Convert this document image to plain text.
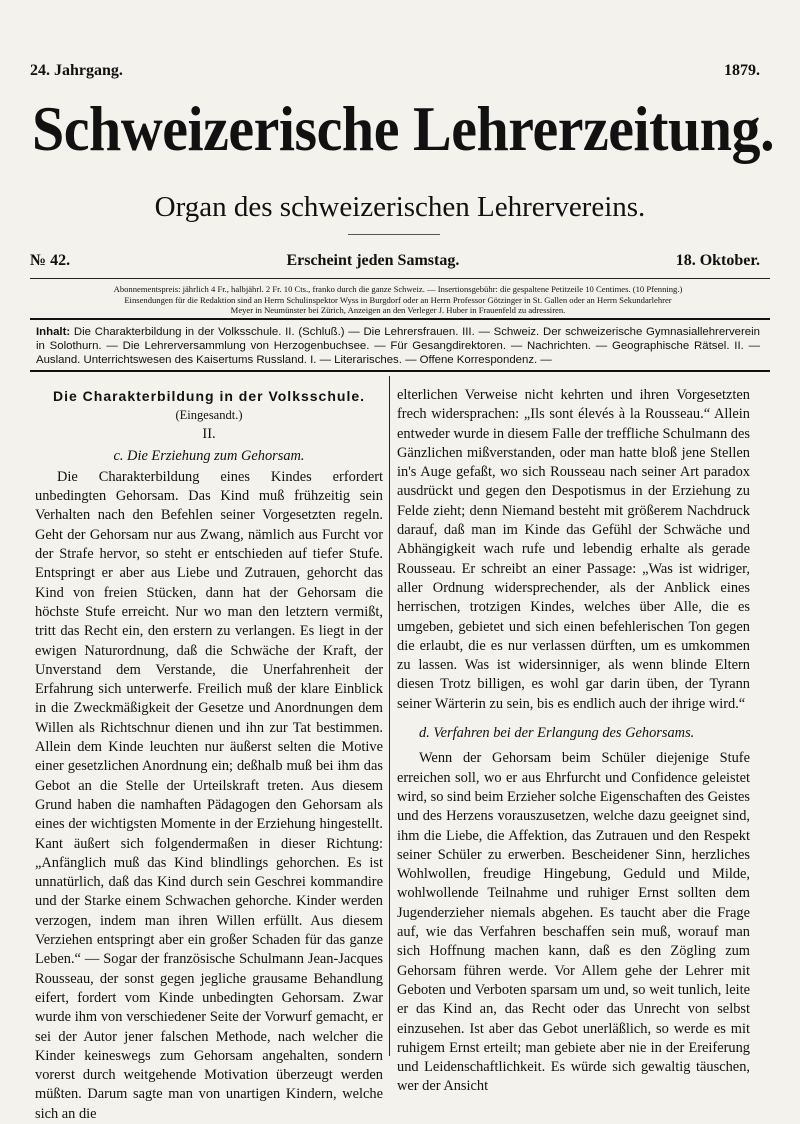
24. Jahrgang.	1879.
Schweizerische Lehrerzeitung.
Organ des schweizerischen Lehrervereins.
№ 42.	Erscheint jeden Samstag.	18. Oktober.
Abonnementspreis: jährlich 4 Fr., halbjährl. 2 Fr. 10 Cts., franko durch die ganze Schweiz. — Insertionsgebühr: die gespaltene Petitzeile 10 Centimes. (10 Pfenning.)
Einsendungen für die Redaktion sind an Herrn Schulinspektor Wyss in Burgdorf oder an Herrn Professor Götzinger in St. Gallen oder an Herrn Sekundarlehrer
Meyer in Neumünster bei Zürich, Anzeigen an den Verleger J. Huber in Frauenfeld zu adressiren.
Inhalt: Die Charakterbildung in der Volksschule. II. (Schluß.) — Die Lehrersfrauen. III. — Schweiz. Der schweizerische Gymnasiallehrerverein in Solothurn. — Die Lehrerversammlung von Herzogenbuchsee. — Für Gesangdirektoren. — Nachrichten. — Geographische Rätsel. II. — Ausland. Unterrichtswesen des Kaisertums Russland. I. — Literarisches. — Offene Korrespondenz. —
Die Charakterbildung in der Volksschule.
(Eingesandt.)
II.
c. Die Erziehung zum Gehorsam.

Die Charakterbildung eines Kindes erfordert unbedingten Gehorsam. Das Kind muß frühzeitig sein Verhalten nach den Befehlen seiner Vorgesetzten regeln. Geht der Gehorsam nur aus Zwang, nämlich aus Furcht vor der Strafe hervor, so steht er entschieden auf tiefer Stufe. Entspringt er aber aus Liebe und Zutrauen, gehorcht das Kind von freien Stücken, dann hat der Gehorsam die höchste Stufe erreicht. Nur wo man den letztern vermißt, tritt das Recht ein, den erstern zu verlangen. Es liegt in der ewigen Naturordnung, daß die Schwäche der Kraft, der Unverstand dem Verstande, die Unerfahrenheit der Erfahrung sich unterwerfe. Freilich muß der klare Einblick in die Zweckmäßigkeit der Gesetze und Anordnungen dem Willen als Richtschnur dienen und ihn zur Tat bestimmen. Allein dem Kinde leuchten nur äußerst selten die Motive einer gesetzlichen Anordnung ein; deßhalb muß bei ihm das Gebot an die Stelle der Urteilskraft treten. Aus diesem Grund haben die namhaften Pädagogen den Gehorsam als eines der wichtigsten Momente in der Erziehung hingestellt. Kant äußert sich folgendermaßen in dieser Richtung: „Anfänglich muß das Kind blindlings gehorchen. Es ist unnatürlich, daß das Kind durch sein Geschrei kommandire und der Starke einem Schwachen gehorche. Kinder werden verzogen, indem man ihren Willen erfüllt. Aus diesem Verziehen entspringt aber ein großer Schaden für das ganze Leben.“ — Sogar der französische Schulmann Jean-Jacques Rousseau, der sonst gegen jegliche grausame Behandlung eifert, fordert vom Kinde unbedingten Gehorsam. Zwar wurde ihm von verschiedener Seite der Vorwurf gemacht, er sei der Autor jener falschen Methode, nach welcher die Kinder keineswegs zum Gehorsam angehalten, sondern vorerst durch weitgehende Motivation überzeugt werden müßten. Darum sagte man von unartigen Kindern, welche sich an die

elterlichen Verweise nicht kehrten und ihren Vorgesetzten frech widersprachen: „Ils sont élevés à la Rousseau.“ Allein entweder wurde in diesem Falle der treffliche Schulmann des Gänzlichen mißverstanden, oder man hatte bloß jene Stellen in's Auge gefaßt, wo sich Rousseau nach seiner Art paradox ausdrückt und gegen den Despotismus in der Erziehung zu Felde zieht; denn Niemand besteht mit größerem Nachdruck darauf, daß man im Kinde das Gefühl der Schwäche und Abhängigkeit wach rufe und lebendig erhalte als gerade Rousseau. Er schreibt an einer Passage: „Was ist widriger, aller Ordnung widersprechender, als der Anblick eines herrischen, trotzigen Kindes, welches über Alle, die es umgeben, gebietet und sich einen befehlerischen Ton gegen die erlaubt, die es nur verlassen dürften, um es umkommen zu lassen. Was ist widersinniger, als wenn blinde Eltern diesen Trotz billigen, es wohl gar darin üben, der Tyrann seiner Wärterin zu sein, bis es endlich auch der ihrige wird.“

d. Verfahren bei der Erlangung des Gehorsams.

Wenn der Gehorsam beim Schüler diejenige Stufe erreichen soll, wo er aus Ehrfurcht und Confidence geleistet wird, so sind beim Erzieher solche Eigenschaften des Geistes und des Herzens vorauszusetzen, welche dazu geeignet sind, ihm die Liebe, die Affektion, das Zutrauen und den Respekt seiner Schüler zu erwerben. Bescheidener Sinn, herzliches Wohlwollen, freudige Hingebung, Geduld und Milde, wohlwollende Teilnahme und ruhiger Ernst sollten dem Jugenderzieher niemals abgehen. Es taucht aber die Frage auf, wie das Verfahren beschaffen sein muß, worauf man sich Hoffnung machen kann, daß es den Zögling zum Gehorsam führen werde. Vor Allem gehe der Lehrer mit Geboten und Verboten sparsam um und, so weit tunlich, leite er das Kind an, das Recht oder das Unrecht von selbst einzusehen. Ist aber das Gebot unerläßlich, so werde es mit ruhigem Ernst erteilt; man gebiete aber nie in der Ereiferung und Leidenschaftlichkeit. Es würde sich gewaltig täuschen, wer der Ansicht
